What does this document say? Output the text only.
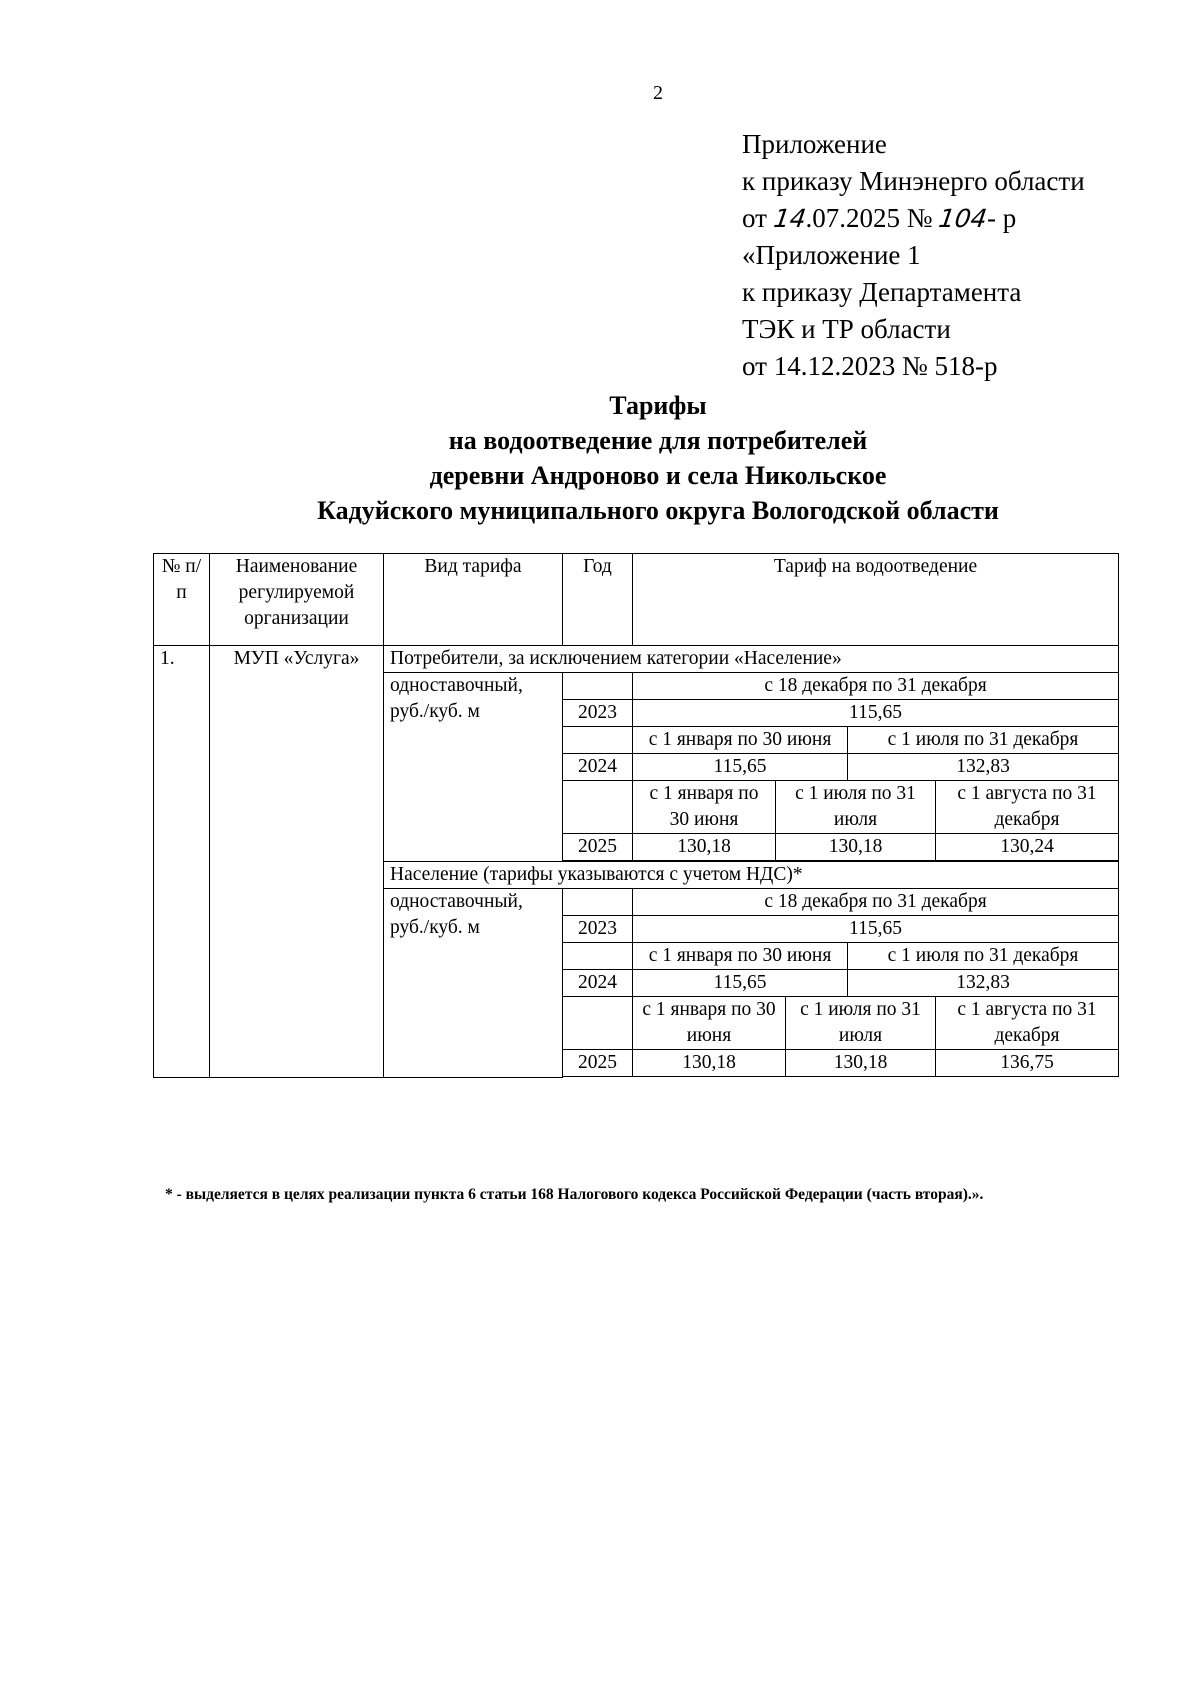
2
Приложение
к приказу Минэнерго области
от 14.07.2025 № 104- р
«Приложение 1
к приказу Департамента
ТЭК и ТР области
от 14.12.2023 № 518-р
Тарифы
на водоотведение для потребителей
деревни Андроново и села Никольское
Кадуйского муниципального округа Вологодской области
№ п/п	Наименование регулируемой организации	Вид тарифа	Год	Тариф на водоотведение				
1.	МУП «Услуга»	Потребители, за исключением категории «Население»						
		одноставочный, руб./куб. м		с 18 декабря по 31 декабря				
			2023	115,65				
				с 1 января по 30 июня			с 1 июля по 31 декабря	
			2024	115,65			132,83	
				с 1 января по 30 июня	с 1 июля по 31 июля			с 1 августа по 31 декабря
			2025	130,18	130,18			130,24

		Население (тарифы указываются с учетом НДС)*						
		одноставочный, руб./куб. м		с 18 декабря по 31 декабря				
			2023	115,65				
				с 1 января по 30 июня			с 1 июля по 31 декабря	
			2024	115,65			132,83	
				с 1 января по 30 июня		с 1 июля по 31 июля		с 1 августа по 31 декабря
			2025	130,18		130,18		136,75

* - выделяется в целях реализации пункта 6 статьи 168 Налогового кодекса Российской Федерации (часть вторая).».
